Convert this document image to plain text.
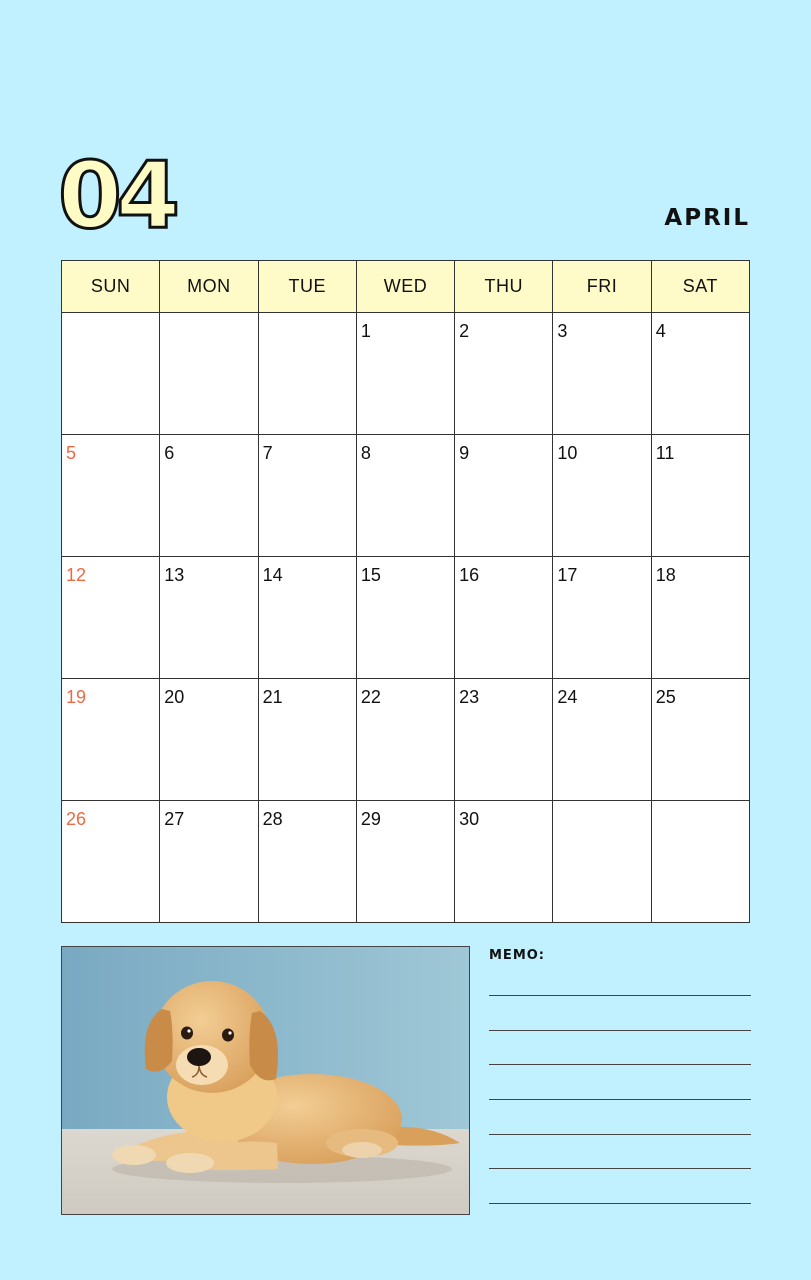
04	APRIL
SUN	MON	TUE	WED	THU	FRI	SAT

			1	2	3	4

5	6	7	8	9	10	11

12	13	14	15	16	17	18

19	20	21	22	23	24	25

26	27	28	29	30		

MEMO:
